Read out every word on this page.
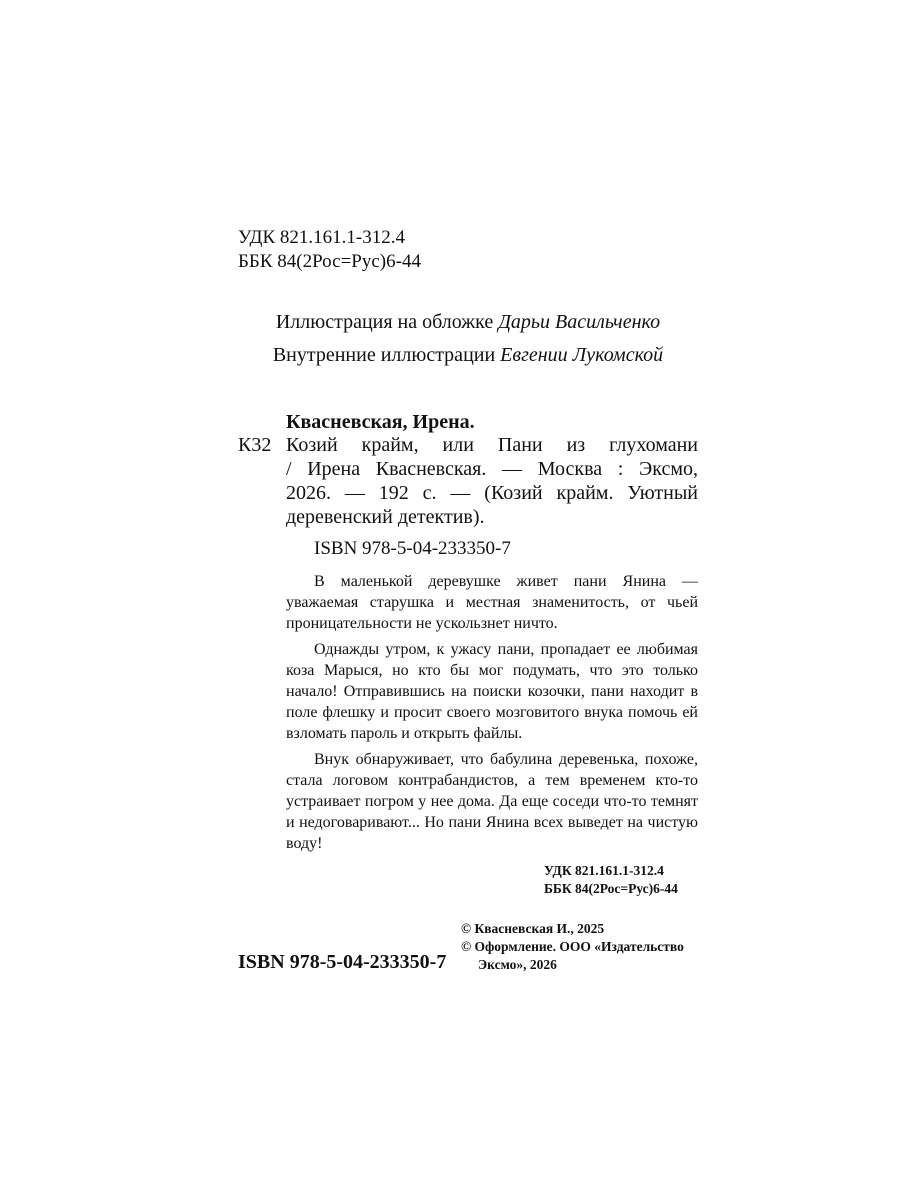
УДК 821.161.1-312.4
ББК 84(2Рос=Рус)6-44
Иллюстрация на обложке Дарьи Васильченко
Внутренние иллюстрации Евгении Лукомской
Квасневская, Ирена.
К32 Козий крайм, или Пани из глухомани
/ Ирена Квасневская. — Москва : Эксмо,
2026. — 192 с. — (Козий крайм. Уютный
деревенский детектив).
ISBN 978-5-04-233350-7

В маленькой деревушке живет пани Янина — уважаемая старушка и местная знаменитость, от чьей проницательности не ускользнет ничто.

Однажды утром, к ужасу пани, пропадает ее любимая коза Марыся, но кто бы мог подумать, что это только начало! Отправившись на поиски козочки, пани находит в поле флешку и просит своего мозговитого внука помочь ей взломать пароль и открыть файлы.

Внук обнаруживает, что бабулина деревенька, похоже, стала логовом контрабандистов, а тем временем кто-то устраивает погром у нее дома. Да еще соседи что-то темнят и недоговаривают... Но пани Янина всех выведет на чистую воду!

УДК 821.161.1-312.4
ББК 84(2Рос=Рус)6-44
© Квасневская И., 2025
© Оформление. ООО «Издательство Эксмо», 2026
ISBN 978-5-04-233350-7
